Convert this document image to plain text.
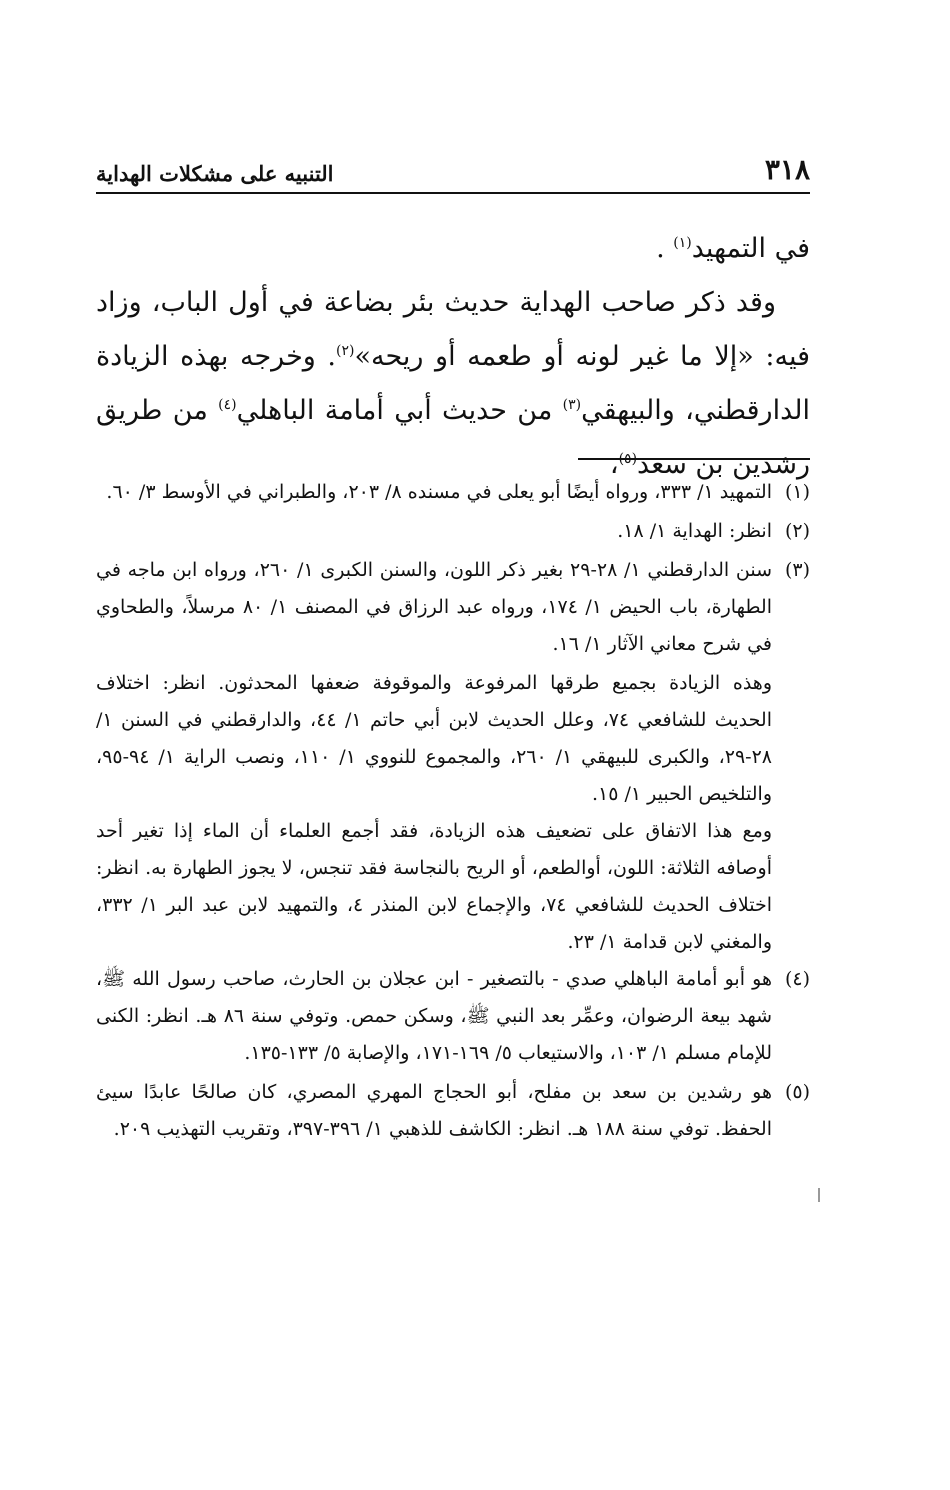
٣١٨
التنبيه على مشكلات الهداية

في التمهيد$^{(١)}$ .

وقد ذكر صاحب الهداية حديث بئر بضاعة في أول الباب، وزاد فيه: «إلا ما غير لونه أو طعمه أو ريحه»$^{(٢)}$. وخرجه بهذه الزيادة الدارقطني، والبيهقي$^{(٣)}$ من حديث أبي أمامة الباهلي$^{(٤)}$ من طريق رشدين بن سعد$^{(٥)}$،

(١)
التمهيد ١/ ٣٣٣، ورواه أيضًا أبو يعلى في مسنده ٨/ ٢٠٣، والطبراني في الأوسط ٣/ ٦٠.
(٢)
انظر: الهداية ١/ ١٨.
(٣)
سنن الدارقطني ١/ ٢٨-٢٩ بغير ذكر اللون، والسنن الكبرى ١/ ٢٦٠، ورواه ابن ماجه في الطهارة، باب الحيض ١/ ١٧٤، ورواه عبد الرزاق في المصنف ١/ ٨٠ مرسلاً، والطحاوي في شرح معاني الآثار ١/ ١٦.

وهذه الزيادة بجميع طرقها المرفوعة والموقوفة ضعفها المحدثون. انظر: اختلاف الحديث للشافعي ٧٤، وعلل الحديث لابن أبي حاتم ١/ ٤٤، والدارقطني في السنن ١/ ٢٨-٢٩، والكبرى للبيهقي ١/ ٢٦٠، والمجموع للنووي ١/ ١١٠، ونصب الراية ١/ ٩٤-٩٥، والتلخيص الحبير ١/ ١٥.

ومع هذا الاتفاق على تضعيف هذه الزيادة، فقد أجمع العلماء أن الماء إذا تغير أحد أوصافه الثلاثة: اللون، أوالطعم، أو الريح بالنجاسة فقد تنجس، لا يجوز الطهارة به. انظر: اختلاف الحديث للشافعي ٧٤، والإجماع لابن المنذر ٤، والتمهيد لابن عبد البر ١/ ٣٣٢، والمغني لابن قدامة ١/ ٢٣.

(٤)
هو أبو أمامة الباهلي صدي - بالتصغير - ابن عجلان بن الحارث، صاحب رسول الله ﷺ، شهد بيعة الرضوان، وعمِّر بعد النبي ﷺ، وسكن حمص. وتوفي سنة ٨٦ هـ. انظر: الكنى للإمام مسلم ١/ ١٠٣، والاستيعاب ٥/ ١٦٩-١٧١، والإصابة ٥/ ١٣٣-١٣٥.
(٥)
هو رشدين بن سعد بن مفلح، أبو الحجاج المهري المصري، كان صالحًا عابدًا سيئ الحفظ. توفي سنة ١٨٨ هـ. انظر: الكاشف للذهبي ١/ ٣٩٦-٣٩٧، وتقريب التهذيب ٢٠٩.
